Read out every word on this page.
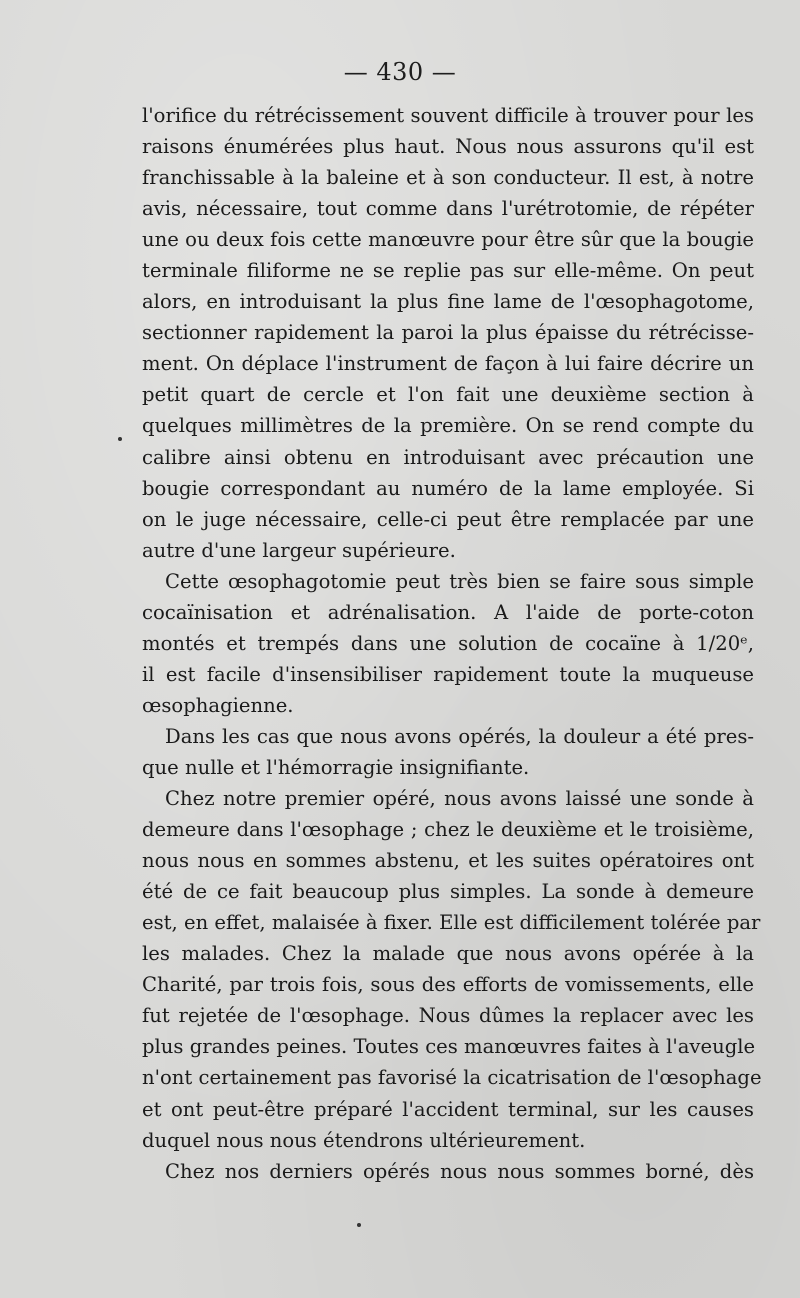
— 430 —
l'orifice du rétrécissement souvent difficile à trouver pour les
raisons énumérées plus haut. Nous nous assurons qu'il est
franchissable à la baleine et à son conducteur. Il est, à notre
avis, nécessaire, tout comme dans l'urétrotomie, de répéter
une ou deux fois cette manœuvre pour être sûr que la bougie
terminale filiforme ne se replie pas sur elle-même. On peut
alors, en introduisant la plus fine lame de l'œsophagotome,
sectionner rapidement la paroi la plus épaisse du rétrécisse-
ment. On déplace l'instrument de façon à lui faire décrire un
petit quart de cercle et l'on fait une deuxième section à
quelques millimètres de la première. On se rend compte du
calibre ainsi obtenu en introduisant avec précaution une
bougie correspondant au numéro de la lame employée. Si
on le juge nécessaire, celle-ci peut être remplacée par une
autre d'une largeur supérieure.
Cette œsophagotomie peut très bien se faire sous simple
cocaïnisation et adrénalisation. A l'aide de porte-coton
montés et trempés dans une solution de cocaïne à 1/20ᵉ,
il est facile d'insensibiliser rapidement toute la muqueuse
œsophagienne.
Dans les cas que nous avons opérés, la douleur a été pres-
que nulle et l'hémorragie insignifiante.
Chez notre premier opéré, nous avons laissé une sonde à
demeure dans l'œsophage ; chez le deuxième et le troisième,
nous nous en sommes abstenu, et les suites opératoires ont
été de ce fait beaucoup plus simples. La sonde à demeure
est, en effet, malaisée à fixer. Elle est difficilement tolérée par
les malades. Chez la malade que nous avons opérée à la
Charité, par trois fois, sous des efforts de vomissements, elle
fut rejetée de l'œsophage. Nous dûmes la replacer avec les
plus grandes peines. Toutes ces manœuvres faites à l'aveugle
n'ont certainement pas favorisé la cicatrisation de l'œsophage
et ont peut-être préparé l'accident terminal, sur les causes
duquel nous nous étendrons ultérieurement.
Chez nos derniers opérés nous nous sommes borné, dès
